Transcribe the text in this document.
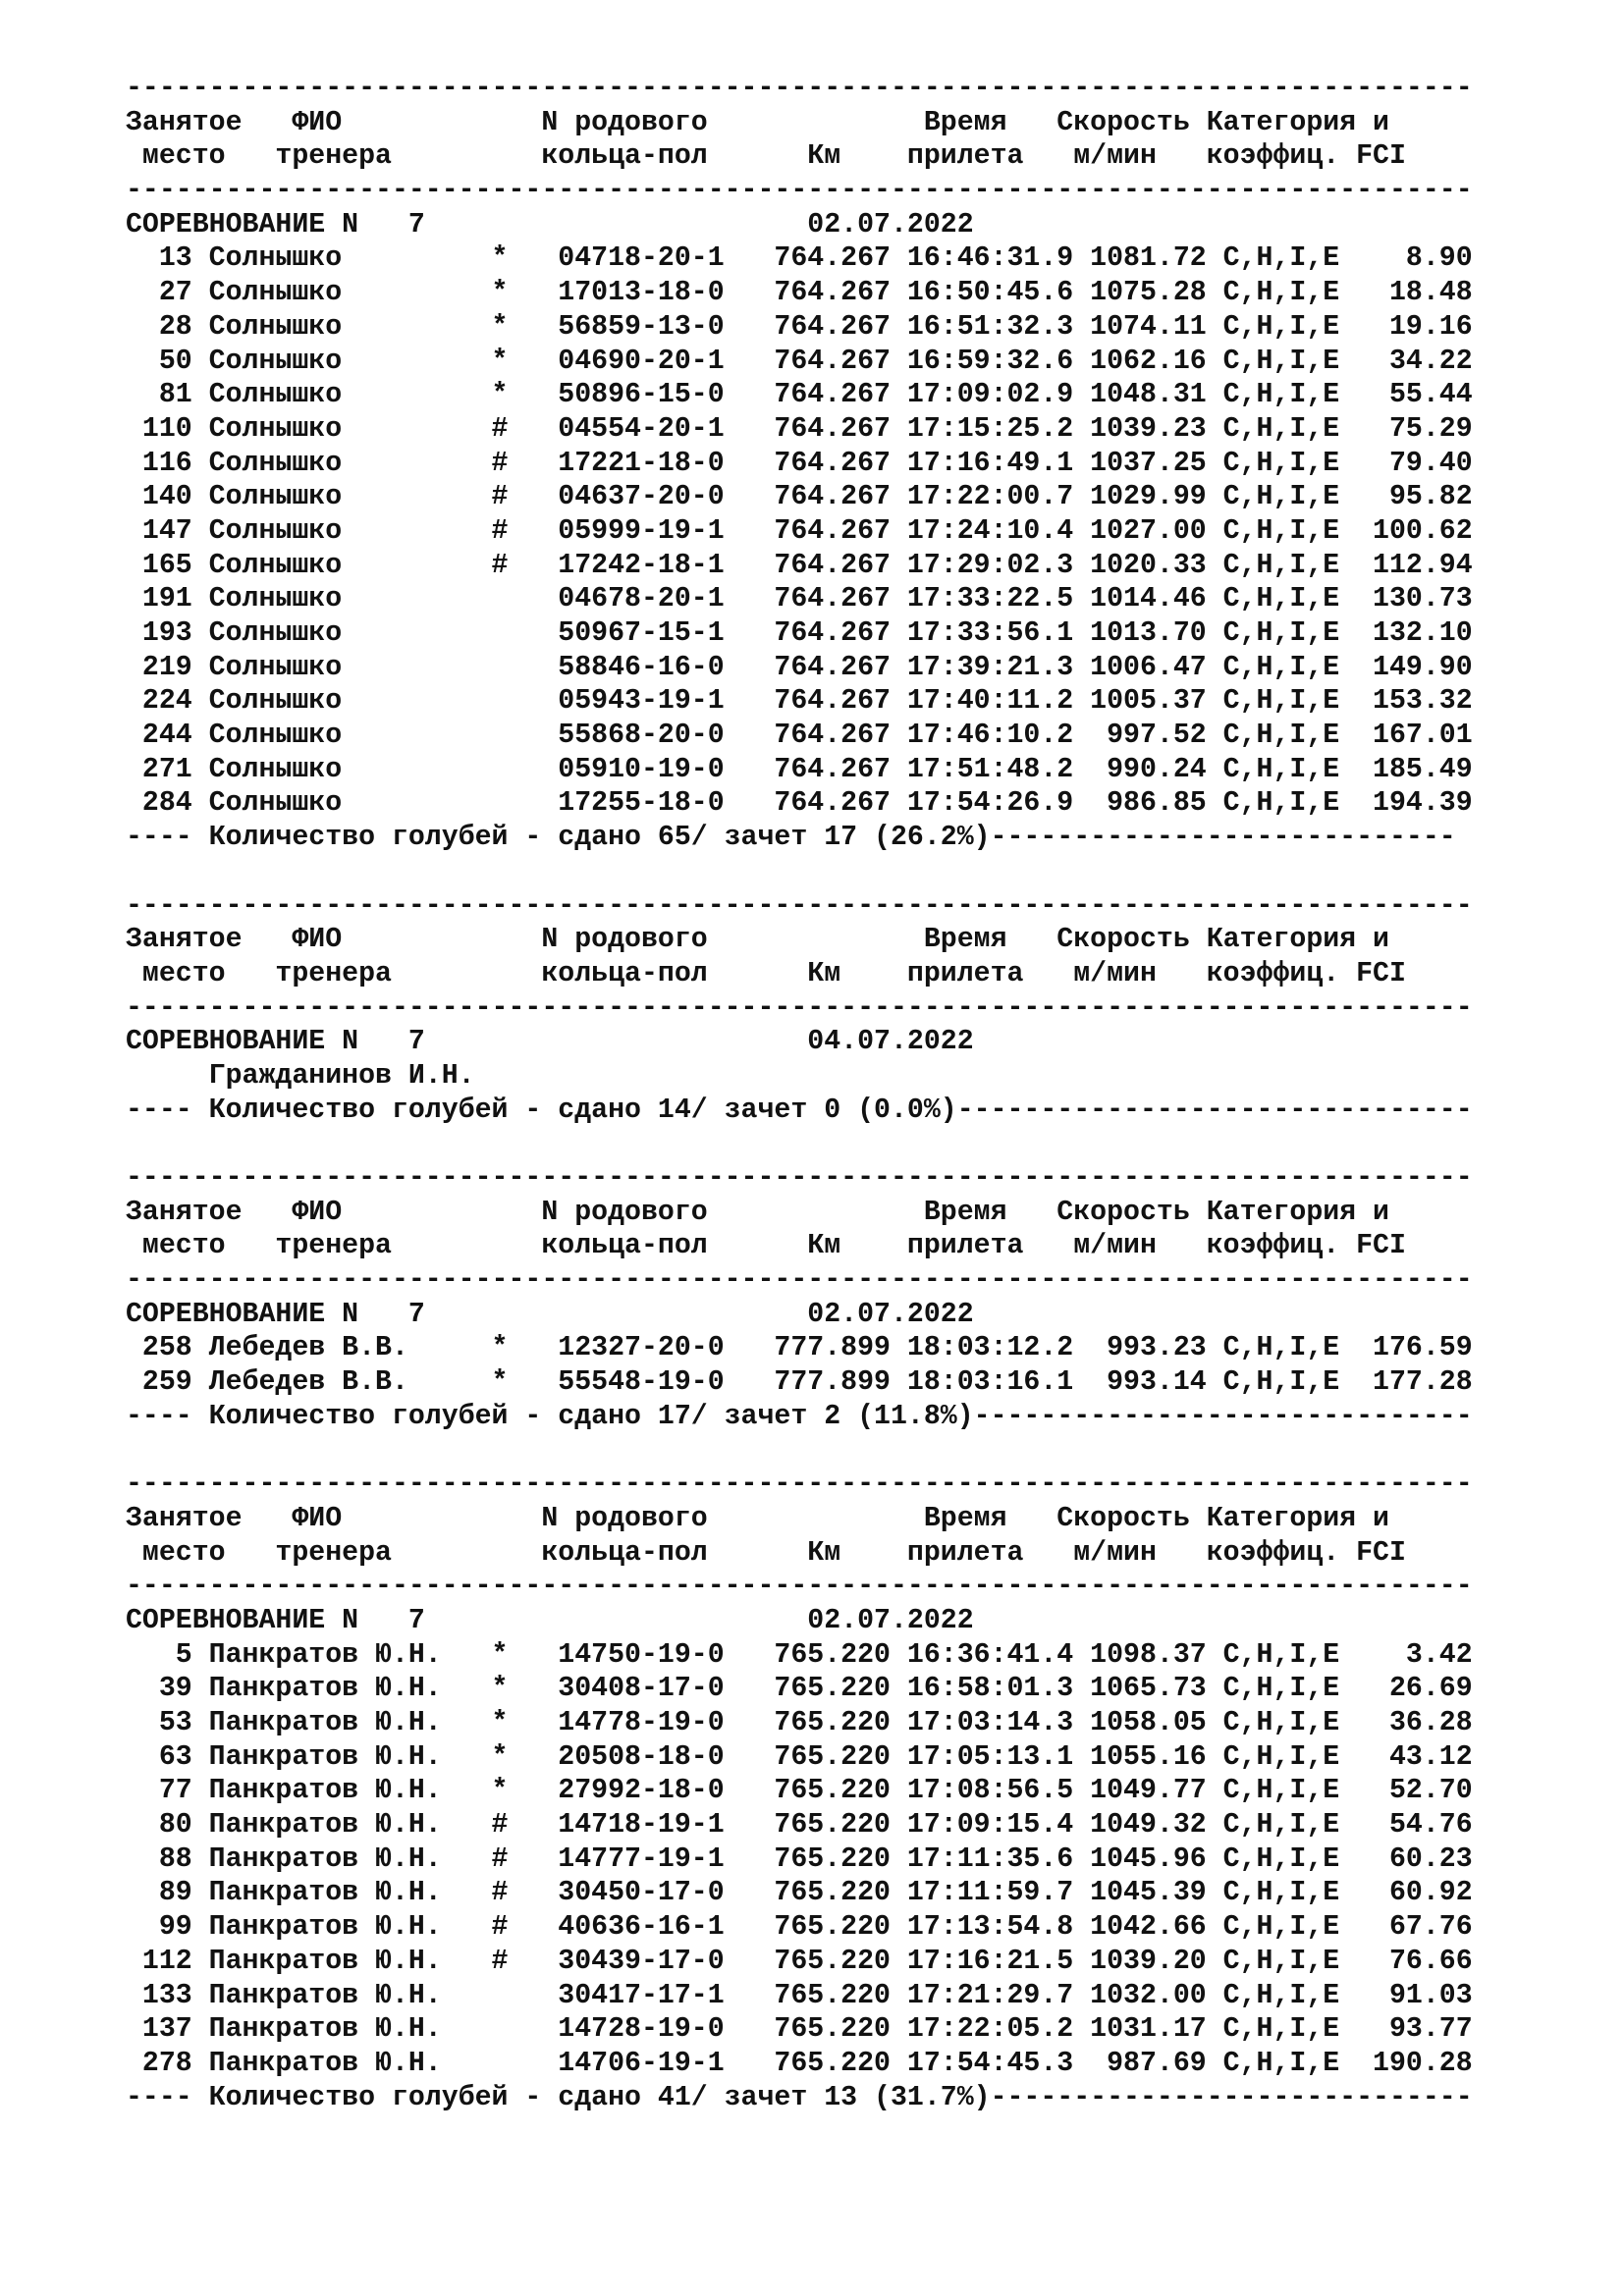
---------------------------------------------------------------------------------
Занятое   ФИО            N родового             Время   Скорость Категория и
место   тренера         кольца-пол      Км    прилета   м/мин   коэффиц. FCI
---------------------------------------------------------------------------------
СОРЕВНОВАНИЕ N   7                       02.07.2022
13 Солнышко         *   04718-20-1   764.267 16:46:31.9 1081.72 C,H,I,E    8.90
27 Солнышко         *   17013-18-0   764.267 16:50:45.6 1075.28 C,H,I,E   18.48
28 Солнышко         *   56859-13-0   764.267 16:51:32.3 1074.11 C,H,I,E   19.16
50 Солнышко         *   04690-20-1   764.267 16:59:32.6 1062.16 C,H,I,E   34.22
81 Солнышко         *   50896-15-0   764.267 17:09:02.9 1048.31 C,H,I,E   55.44
110 Солнышко         #   04554-20-1   764.267 17:15:25.2 1039.23 C,H,I,E   75.29
116 Солнышко         #   17221-18-0   764.267 17:16:49.1 1037.25 C,H,I,E   79.40
140 Солнышко         #   04637-20-0   764.267 17:22:00.7 1029.99 C,H,I,E   95.82
147 Солнышко         #   05999-19-1   764.267 17:24:10.4 1027.00 C,H,I,E  100.62
165 Солнышко         #   17242-18-1   764.267 17:29:02.3 1020.33 C,H,I,E  112.94
191 Солнышко             04678-20-1   764.267 17:33:22.5 1014.46 C,H,I,E  130.73
193 Солнышко             50967-15-1   764.267 17:33:56.1 1013.70 C,H,I,E  132.10
219 Солнышко             58846-16-0   764.267 17:39:21.3 1006.47 C,H,I,E  149.90
224 Солнышко             05943-19-1   764.267 17:40:11.2 1005.37 C,H,I,E  153.32
244 Солнышко             55868-20-0   764.267 17:46:10.2  997.52 C,H,I,E  167.01
271 Солнышко             05910-19-0   764.267 17:51:48.2  990.24 C,H,I,E  185.49
284 Солнышко             17255-18-0   764.267 17:54:26.9  986.85 C,H,I,E  194.39
---- Количество голубей - сдано 65/ зачет 17 (26.2%)----------------------------
---------------------------------------------------------------------------------
Занятое   ФИО            N родового             Время   Скорость Категория и
место   тренера         кольца-пол      Км    прилета   м/мин   коэффиц. FCI
---------------------------------------------------------------------------------
СОРЕВНОВАНИЕ N   7                       04.07.2022
Гражданинов И.Н.
---- Количество голубей - сдано 14/ зачет 0 (0.0%)-------------------------------
---------------------------------------------------------------------------------
Занятое   ФИО            N родового             Время   Скорость Категория и
место   тренера         кольца-пол      Км    прилета   м/мин   коэффиц. FCI
---------------------------------------------------------------------------------
СОРЕВНОВАНИЕ N   7                       02.07.2022
258 Лебедев В.В.     *   12327-20-0   777.899 18:03:12.2  993.23 C,H,I,E  176.59
259 Лебедев В.В.     *   55548-19-0   777.899 18:03:16.1  993.14 C,H,I,E  177.28
---- Количество голубей - сдано 17/ зачет 2 (11.8%)------------------------------
---------------------------------------------------------------------------------
Занятое   ФИО            N родового             Время   Скорость Категория и
место   тренера         кольца-пол      Км    прилета   м/мин   коэффиц. FCI
---------------------------------------------------------------------------------
СОРЕВНОВАНИЕ N   7                       02.07.2022
5 Панкратов Ю.Н.   *   14750-19-0   765.220 16:36:41.4 1098.37 C,H,I,E    3.42
39 Панкратов Ю.Н.   *   30408-17-0   765.220 16:58:01.3 1065.73 C,H,I,E   26.69
53 Панкратов Ю.Н.   *   14778-19-0   765.220 17:03:14.3 1058.05 C,H,I,E   36.28
63 Панкратов Ю.Н.   *   20508-18-0   765.220 17:05:13.1 1055.16 C,H,I,E   43.12
77 Панкратов Ю.Н.   *   27992-18-0   765.220 17:08:56.5 1049.77 C,H,I,E   52.70
80 Панкратов Ю.Н.   #   14718-19-1   765.220 17:09:15.4 1049.32 C,H,I,E   54.76
88 Панкратов Ю.Н.   #   14777-19-1   765.220 17:11:35.6 1045.96 C,H,I,E   60.23
89 Панкратов Ю.Н.   #   30450-17-0   765.220 17:11:59.7 1045.39 C,H,I,E   60.92
99 Панкратов Ю.Н.   #   40636-16-1   765.220 17:13:54.8 1042.66 C,H,I,E   67.76
112 Панкратов Ю.Н.   #   30439-17-0   765.220 17:16:21.5 1039.20 C,H,I,E   76.66
133 Панкратов Ю.Н.       30417-17-1   765.220 17:21:29.7 1032.00 C,H,I,E   91.03
137 Панкратов Ю.Н.       14728-19-0   765.220 17:22:05.2 1031.17 C,H,I,E   93.77
278 Панкратов Ю.Н.       14706-19-1   765.220 17:54:45.3  987.69 C,H,I,E  190.28
---- Количество голубей - сдано 41/ зачет 13 (31.7%)-----------------------------
